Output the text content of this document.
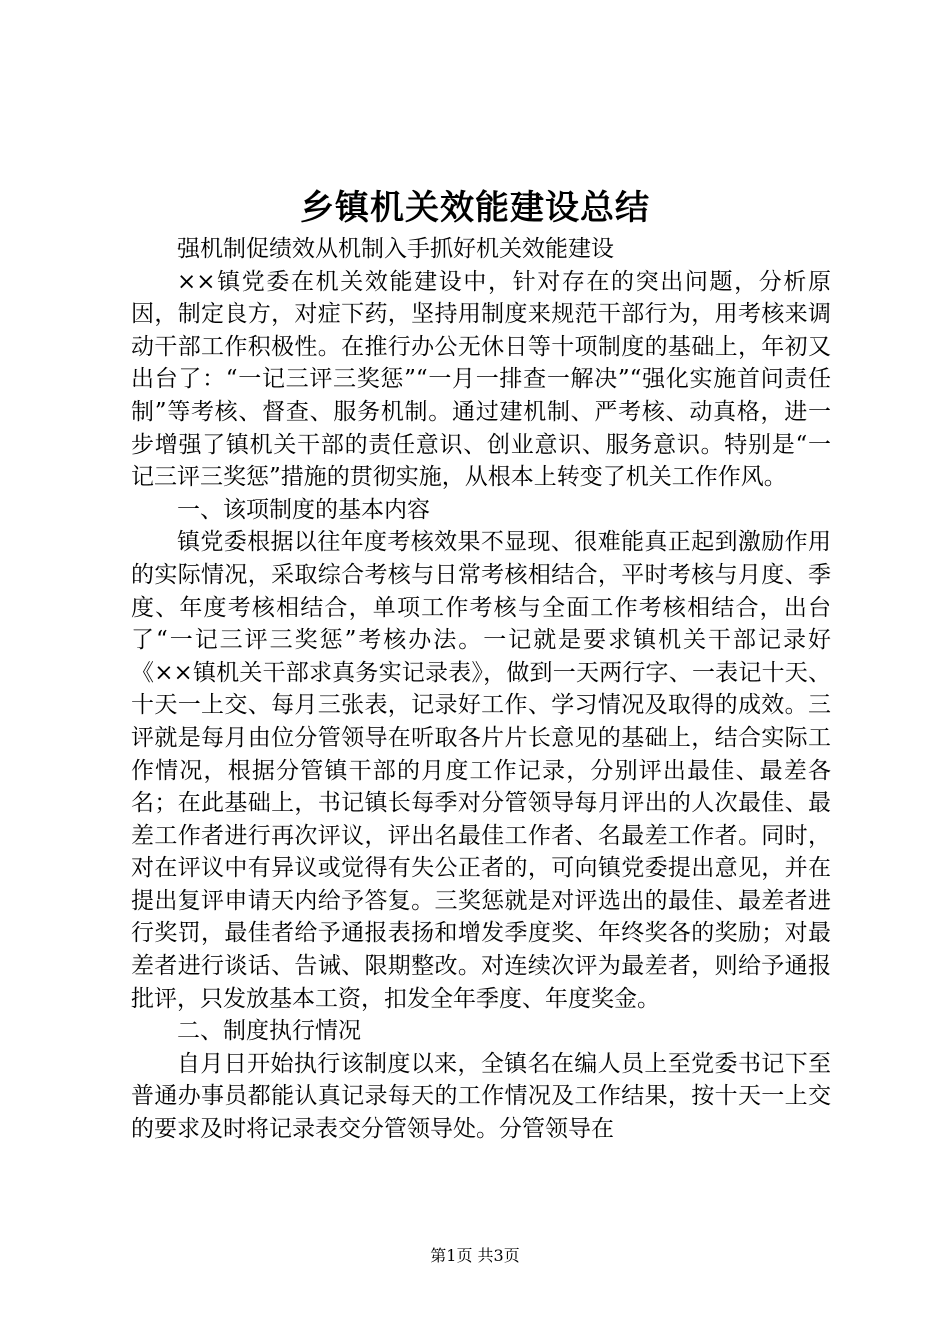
乡镇机关效能建设总结

强机制促绩效从机制入手抓好机关效能建设

××镇党委在机关效能建设中，针对存在的突出问题，分析原因，制定良方，对症下药，坚持用制度来规范干部行为，用考核来调动干部工作积极性。在推行办公无休日等十项制度的基础上，年初又出台了：“一记三评三奖惩”“一月一排查一解决”“强化实施首问责任制”等考核、督查、服务机制。通过建机制、严考核、动真格，进一步增强了镇机关干部的责任意识、创业意识、服务意识。特别是“一记三评三奖惩”措施的贯彻实施，从根本上转变了机关工作作风。

一、该项制度的基本内容

镇党委根据以往年度考核效果不显现、很难能真正起到激励作用的实际情况，采取综合考核与日常考核相结合，平时考核与月度、季度、年度考核相结合，单项工作考核与全面工作考核相结合，出台了“一记三评三奖惩”考核办法。一记就是要求镇机关干部记录好《××镇机关干部求真务实记录表》，做到一天两行字、一表记十天、十天一上交、每月三张表，记录好工作、学习情况及取得的成效。三评就是每月由位分管领导在听取各片片长意见的基础上，结合实际工作情况，根据分管镇干部的月度工作记录，分别评出最佳、最差各名；在此基础上，书记镇长每季对分管领导每月评出的人次最佳、最差工作者进行再次评议，评出名最佳工作者、名最差工作者。同时，对在评议中有异议或觉得有失公正者的，可向镇党委提出意见，并在提出复评申请天内给予答复。三奖惩就是对评选出的最佳、最差者进行奖罚，最佳者给予通报表扬和增发季度奖、年终奖各的奖励；对最差者进行谈话、告诫、限期整改。对连续次评为最差者，则给予通报批评，只发放基本工资，扣发全年季度、年度奖金。

二、制度执行情况

自月日开始执行该制度以来，全镇名在编人员上至党委书记下至普通办事员都能认真记录每天的工作情况及工作结果，按十天一上交的要求及时将记录表交分管领导处。分管领导在

第1页 共3页
